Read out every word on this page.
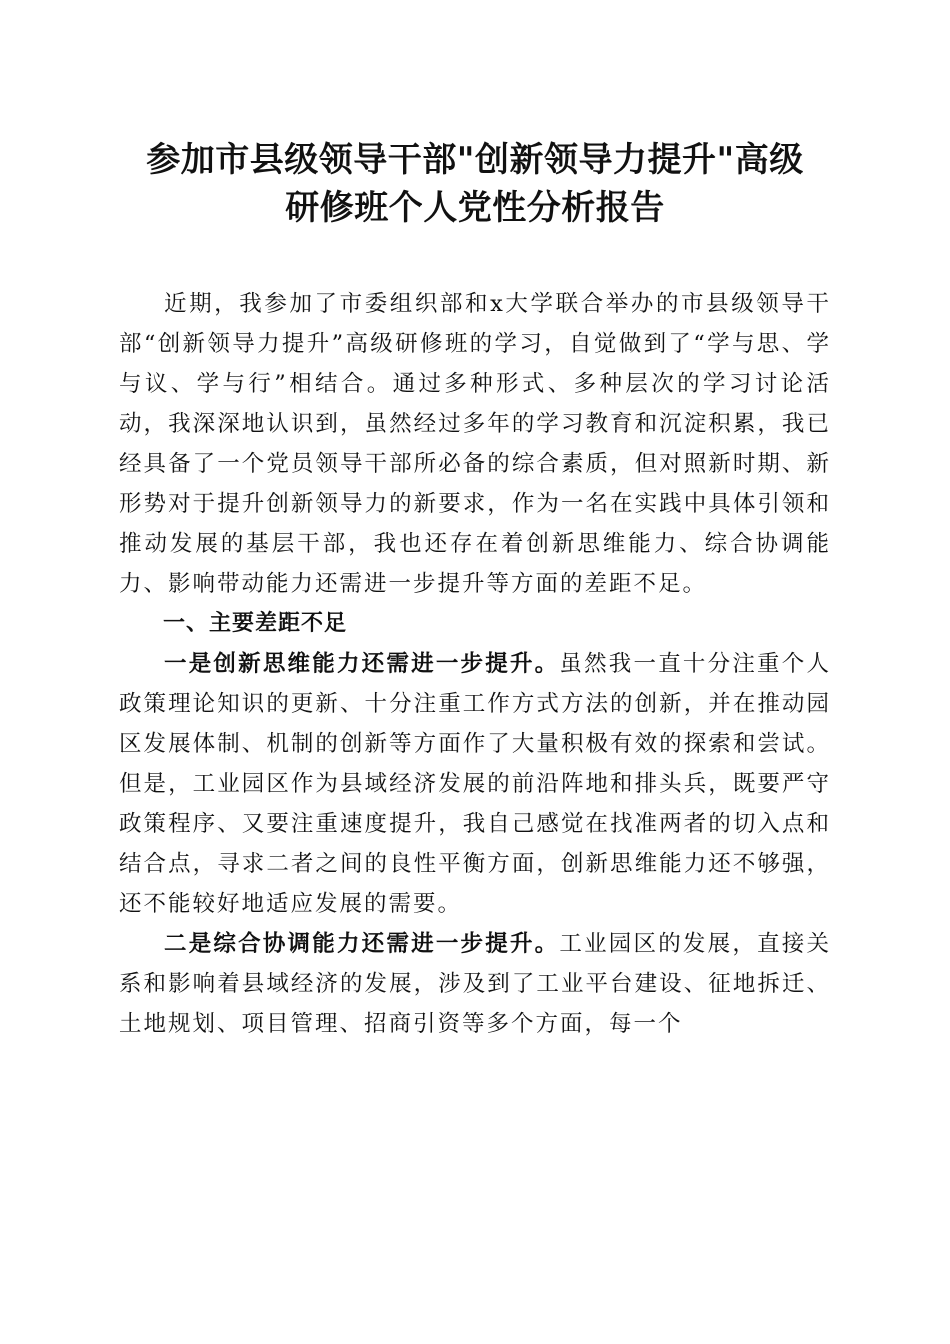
参加市县级领导干部"创新领导力提升"高级
研修班个人党性分析报告

近期，我参加了市委组织部和x大学联合举办的市县级领导干部“创新领导力提升”高级研修班的学习，自觉做到了“学与思、学与议、学与行”相结合。通过多种形式、多种层次的学习讨论活动，我深深地认识到，虽然经过多年的学习教育和沉淀积累，我已经具备了一个党员领导干部所必备的综合素质，但对照新时期、新形势对于提升创新领导力的新要求，作为一名在实践中具体引领和推动发展的基层干部，我也还存在着创新思维能力、综合协调能力、影响带动能力还需进一步提升等方面的差距不足。

一、主要差距不足

一是创新思维能力还需进一步提升。虽然我一直十分注重个人政策理论知识的更新、十分注重工作方式方法的创新，并在推动园区发展体制、机制的创新等方面作了大量积极有效的探索和尝试。但是，工业园区作为县域经济发展的前沿阵地和排头兵，既要严守政策程序、又要注重速度提升，我自己感觉在找准两者的切入点和结合点，寻求二者之间的良性平衡方面，创新思维能力还不够强，还不能较好地适应发展的需要。

二是综合协调能力还需进一步提升。工业园区的发展，直接关系和影响着县域经济的发展，涉及到了工业平台建设、征地拆迁、土地规划、项目管理、招商引资等多个方面，每一个
